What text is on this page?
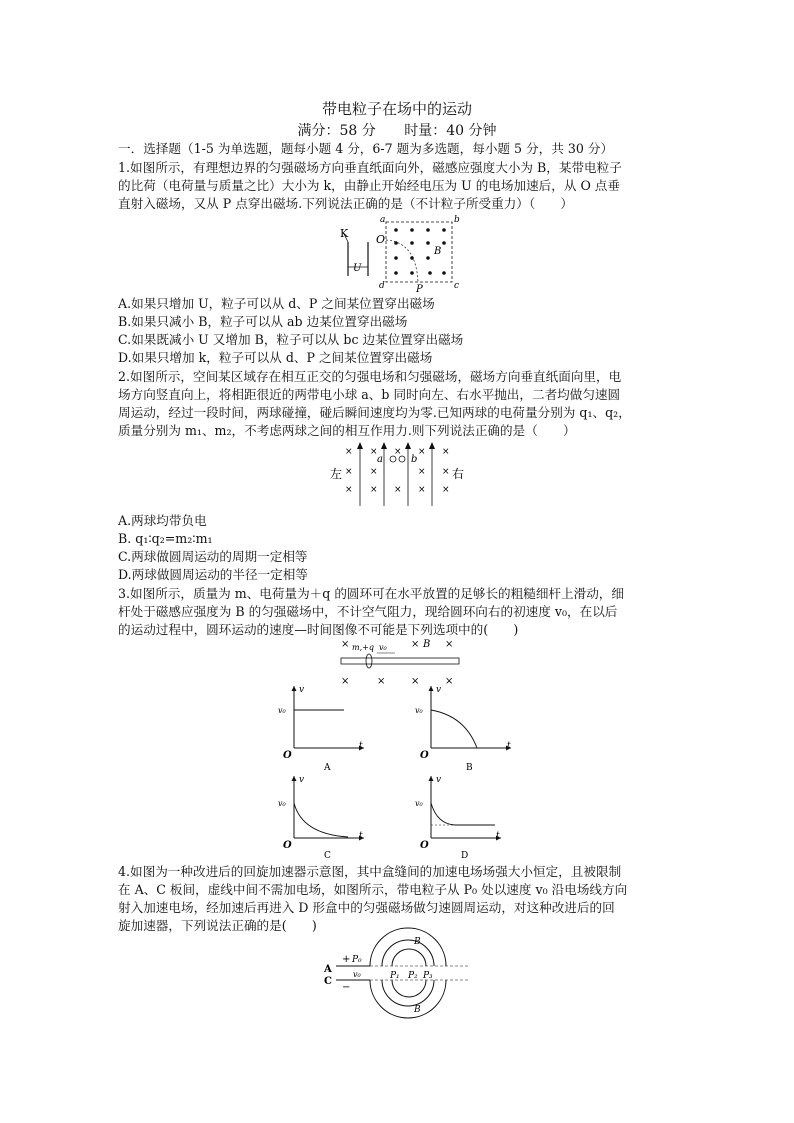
带电粒子在场中的运动
满分：58 分 时量：40 分钟
一．选择题（1-5 为单选题，题每小题 4 分，6-7 题为多选题，每小题 5 分，共 30 分）
1.如图所示，有理想边界的匀强磁场方向垂直纸面向外，磁感应强度大小为 B，某带电粒子
的比荷（电荷量与质量之比）大小为 k，由静止开始经电压为 U 的电场加速后，从 O 点垂
直射入磁场，又从 P 点穿出磁场.下列说法正确的是（不计粒子所受重力）（　　）
K
U
O
a	b
d	c
P
B
A.如果只增加 U，粒子可以从 d、P 之间某位置穿出磁场
B.如果只减小 B，粒子可以从 ab 边某位置穿出磁场
C.如果既减小 U 又增加 B，粒子可以从 bc 边某位置穿出磁场
D.如果只增加 k，粒子可以从 d、P 之间某位置穿出磁场
2.如图所示，空间某区域存在相互正交的匀强电场和匀强磁场，磁场方向垂直纸面向里，电
场方向竖直向上，将相距很近的两带电小球 a、b 同时向左、右水平抛出，二者均做匀速圆
周运动，经过一段时间，两球碰撞，碰后瞬间速度均为零.已知两球的电荷量分别为 q₁、q₂，
质量分别为 m₁、m₂，不考虑两球之间的相互作用力.则下列说法正确的是（　　）
左	右
× × × × ×
× ×	× ×
× × × × ×
a	b
A.两球均带负电
B. q₁∶q₂=m₂∶m₁
C.两球做圆周运动的周期一定相等
D.两球做圆周运动的半径一定相等
3.如图所示，质量为 m、电荷量为＋q 的圆环可在水平放置的足够长的粗糙细杆上滑动，细
杆处于磁感应强度为 B 的匀强磁场中，不计空气阻力，现给圆环向右的初速度 v₀，在以后
的运动过程中，圆环运动的速度—时间图像不可能是下列选项中的(　　)
×	×	×
×	×	×	×
m,+q v₀	B
v
t
O
v₀
A
v
t
O
v₀
B
v
t
O
v₀
C
v
t
O
v₀
D
4.如图为一种改进后的回旋加速器示意图，其中盒缝间的加速电场场强大小恒定，且被限制
在 A、C 板间，虚线中间不需加电场，如图所示，带电粒子从 P₀ 处以速度 v₀ 沿电场线方向
射入加速电场，经加速后再进入 D 形盒中的匀强磁场做匀速圆周运动，对这种改进后的回
旋加速器，下列说法正确的是(　　)
A
C
+
−
P₀
v₀	P₁ P₂ P₃
B
B
